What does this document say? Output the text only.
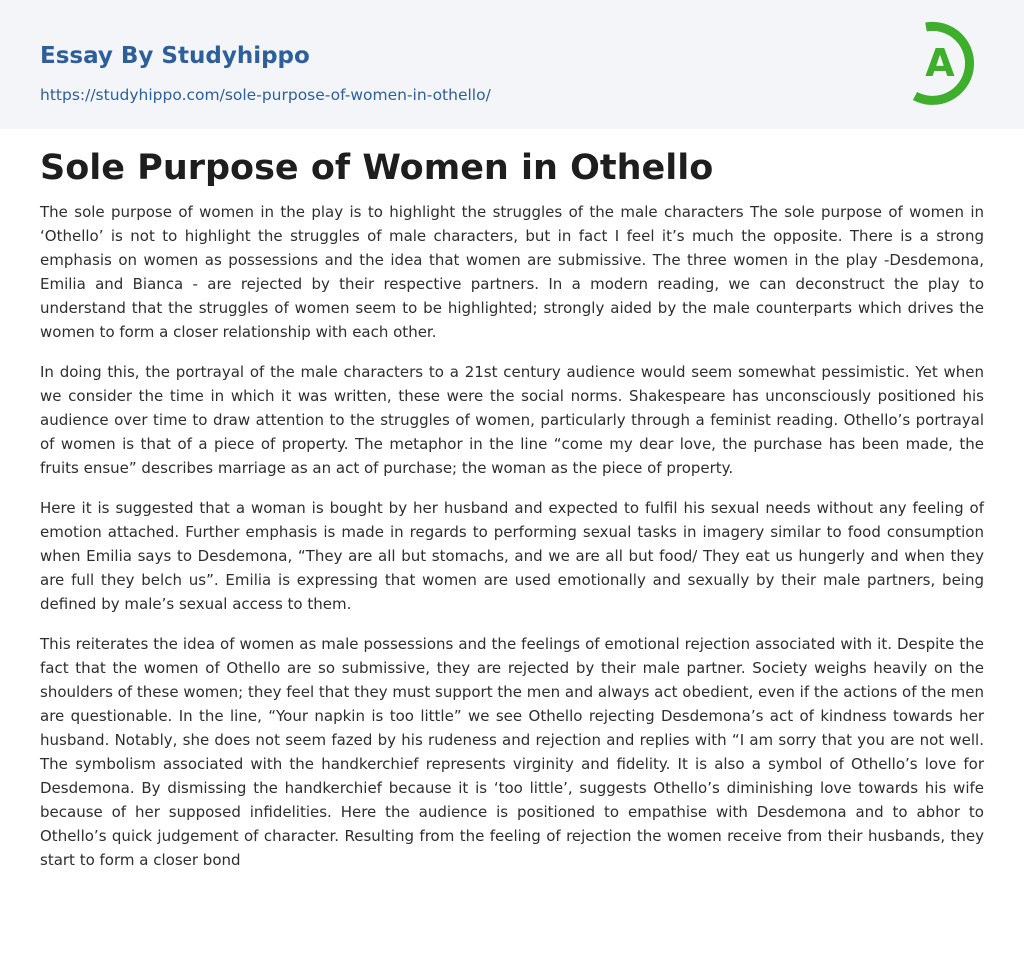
Essay By Studyhippo
https://studyhippo.com/sole-purpose-of-women-in-othello/
A
Sole Purpose of Women in Othello

The sole purpose of women in the play is to highlight the struggles of the male characters The sole purpose of women in ‘Othello’ is not to highlight the struggles of male characters, but in fact I feel it’s much the opposite. There is a strong emphasis on women as possessions and the idea that women are submissive. The three women in the play -Desdemona, Emilia and Bianca - are rejected by their respective partners. In a modern reading, we can deconstruct the play to understand that the struggles of women seem to be highlighted; strongly aided by the male counterparts which drives the women to form a closer relationship with each other.

In doing this, the portrayal of the male characters to a 21st century audience would seem somewhat pessimistic. Yet when we consider the time in which it was written, these were the social norms. Shakespeare has unconsciously positioned his audience over time to draw attention to the struggles of women, particularly through a feminist reading. Othello’s portrayal of women is that of a piece of property. The metaphor in the line “come my dear love, the purchase has been made, the fruits ensue” describes marriage as an act of purchase; the woman as the piece of property.

Here it is suggested that a woman is bought by her husband and expected to fulfil his sexual needs without any feeling of emotion attached. Further emphasis is made in regards to performing sexual tasks in imagery similar to food consumption when Emilia says to Desdemona, “They are all but stomachs, and we are all but food/ They eat us hungerly and when they are full they belch us”. Emilia is expressing that women are used emotionally and sexually by their male partners, being defined by male’s sexual access to them.

This reiterates the idea of women as male possessions and the feelings of emotional rejection associated with it. Despite the fact that the women of Othello are so submissive, they are rejected by their male partner. Society weighs heavily on the shoulders of these women; they feel that they must support the men and always act obedient, even if the actions of the men are questionable. In the line, “Your napkin is too little” we see Othello rejecting Desdemona’s act of kindness towards her husband. Notably, she does not seem fazed by his rudeness and rejection and replies with “I am sorry that you are not well. The symbolism associated with the handkerchief represents virginity and fidelity. It is also a symbol of Othello’s love for Desdemona. By dismissing the handkerchief because it is ‘too little’, suggests Othello’s diminishing love towards his wife because of her supposed infidelities. Here the audience is positioned to empathise with Desdemona and to abhor to Othello’s quick judgement of character. Resulting from the feeling of rejection the women receive from their husbands, they start to form a closer bond
